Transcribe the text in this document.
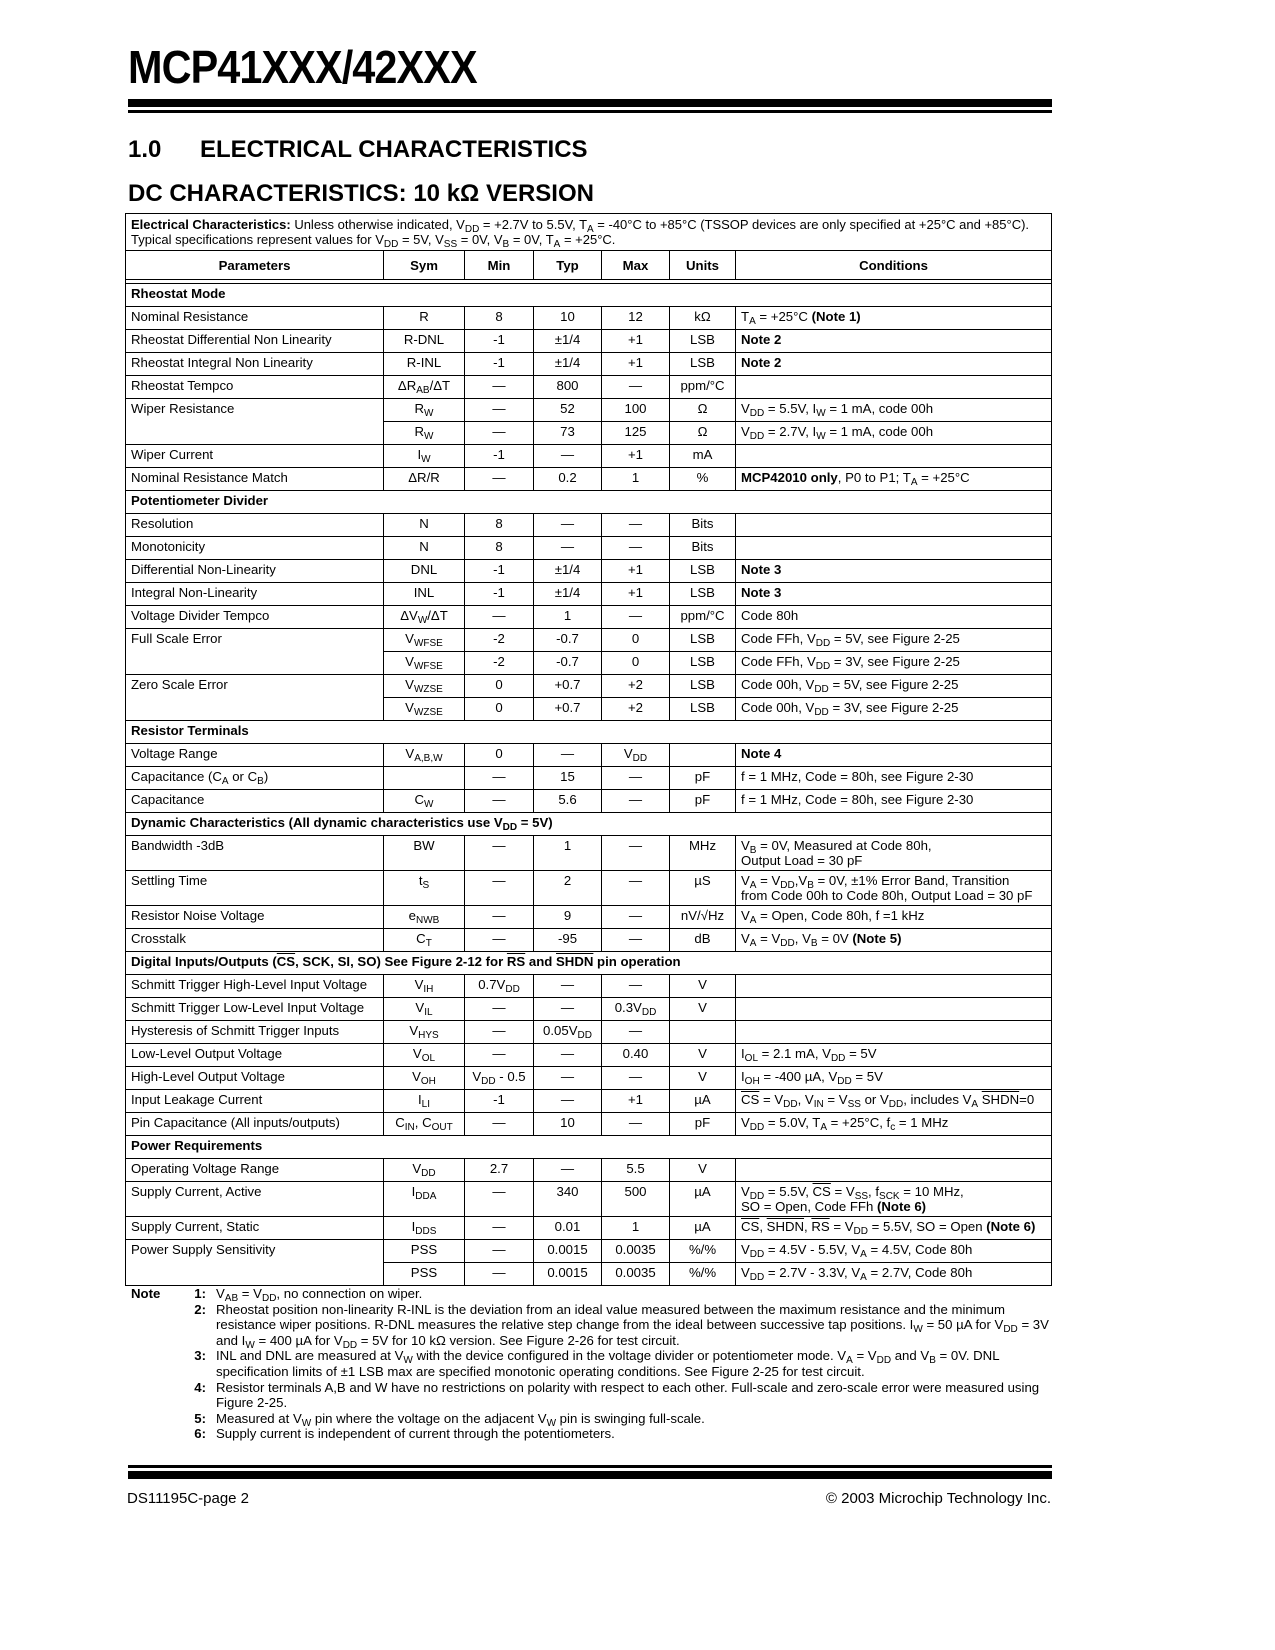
MCP41XXX/42XXX
1.0 ELECTRICAL CHARACTERISTICS
DC CHARACTERISTICS: 10 kΩ VERSION
Electrical Characteristics: Unless otherwise indicated, $V_{DD} = +2.7V$ to 5.5V, $T_A = -40^\circ C$ to +85°C (TSSOP devices are only specified at +25°C and +85°C). Typical specifications represent values for $V_{DD} = 5V$, $V_{SS} = 0V$, $V_B = 0V$, $T_A = +25^\circ C$.						
Parameters	Sym	Min	Typ	Max	Units	Conditions

Rheostat Mode						
Nominal Resistance	R	8	10	12	kΩ	$T_A = +25^\circ C$ (Note 1)
Rheostat Differential Non Linearity	R-DNL	-1	±1/4	+1	LSB	Note 2
Rheostat Integral Non Linearity	R-INL	-1	±1/4	+1	LSB	Note 2
Rheostat Tempco	$\Delta R_{AB}/\Delta T$	—	800	—	ppm/°C	
Wiper Resistance	$R_W$	—	52	100	Ω	$V_{DD} = 5.5V$, $I_W = 1$ mA, code 00h
	$R_W$	—	73	125	Ω	$V_{DD} = 2.7V$, $I_W = 1$ mA, code 00h
Wiper Current	$I_W$	-1	—	+1	mA	
Nominal Resistance Match	ΔR/R	—	0.2	1	%	MCP42010 only, P0 to P1; $T_A = +25^\circ C$
Potentiometer Divider						
Resolution	N	8	—	—	Bits	
Monotonicity	N	8	—	—	Bits	
Differential Non-Linearity	DNL	-1	±1/4	+1	LSB	Note 3
Integral Non-Linearity	INL	-1	±1/4	+1	LSB	Note 3
Voltage Divider Tempco	$\Delta V_W/\Delta T$	—	1	—	ppm/°C	Code 80h
Full Scale Error	$V_{WFSE}$	-2	-0.7	0	LSB	Code FFh, $V_{DD} = 5V$, see Figure 2-25
	$V_{WFSE}$	-2	-0.7	0	LSB	Code FFh, $V_{DD} = 3V$, see Figure 2-25
Zero Scale Error	$V_{WZSE}$	0	+0.7	+2	LSB	Code 00h, $V_{DD} = 5V$, see Figure 2-25
	$V_{WZSE}$	0	+0.7	+2	LSB	Code 00h, $V_{DD} = 3V$, see Figure 2-25
Resistor Terminals						
Voltage Range	$V_{A,B,W}$	0	—	$V_{DD}$		Note 4
Capacitance ($C_A$ or $C_B$)		—	15	—	pF	f = 1 MHz, Code = 80h, see Figure 2-30
Capacitance	$C_W$	—	5.6	—	pF	f = 1 MHz, Code = 80h, see Figure 2-30
Dynamic Characteristics (All dynamic characteristics use $V_{DD} = 5V$)						
Bandwidth -3dB	BW	—	1	—	MHz	$V_B = 0V$, Measured at Code 80h,
Output Load = 30 pF
Settling Time	$t_S$	—	2	—	µS	$V_A = V_{DD},V_B = 0V$, ±1% Error Band, Transition
from Code 00h to Code 80h, Output Load = 30 pF
Resistor Noise Voltage	$e_{NWB}$	—	9	—	nV/√Hz	$V_A$ = Open, Code 80h, f =1 kHz
Crosstalk	$C_T$	—	-95	—	dB	$V_A = V_{DD}$, $V_B = 0V$ (Note 5)
Digital Inputs/Outputs ($\overline{CS}$, SCK, SI, SO) See Figure 2-12 for $\overline{RS}$ and SHDN pin operation						
Schmitt Trigger High-Level Input Voltage	$V_{IH}$	$0.7V_{DD}$	—	—	V	
Schmitt Trigger Low-Level Input Voltage	$V_{IL}$	—	—	$0.3V_{DD}$	V	
Hysteresis of Schmitt Trigger Inputs	$V_{HYS}$	—	$0.05V_{DD}$	—		
Low-Level Output Voltage	$V_{OL}$	—	—	0.40	V	$I_{OL} = 2.1$ mA, $V_{DD} = 5V$
High-Level Output Voltage	$V_{OH}$	$V_{DD} - 0.5$	—	—	V	$I_{OH} = -400$ µA, $V_{DD} = 5V$
Input Leakage Current	$I_{LI}$	-1	—	+1	µA	$\overline{CS} = V_{DD}$, $V_{IN} = V_{SS}$ or $V_{DD}$, includes $V_A$ SHDN=0
Pin Capacitance (All inputs/outputs)	$C_{IN}$, $C_{OUT}$	—	10	—	pF	$V_{DD} = 5.0V$, $T_A = +25^\circ C$, $f_c = 1$ MHz
Power Requirements						
Operating Voltage Range	$V_{DD}$	2.7	—	5.5	V	
Supply Current, Active	$I_{DDA}$	—	340	500	µA	$V_{DD} = 5.5V$, $\overline{CS} = V_{SS}$, $f_{SCK} = 10$ MHz,
SO = Open, Code FFh (Note 6)
Supply Current, Static	$I_{DDS}$	—	0.01	1	µA	$\overline{CS}$, SHDN, $\overline{RS} = V_{DD} = 5.5V$, SO = Open (Note 6)
Power Supply Sensitivity	PSS	—	0.0015	0.0035	%/%	$V_{DD} = 4.5V - 5.5V$, $V_A = 4.5V$, Code 80h
	PSS	—	0.0015	0.0035	%/%	$V_{DD} = 2.7V - 3.3V$, $V_A = 2.7V$, Code 80h
Note	1: $V_{AB} = V_{DD}$, no connection on wiper.
2: Rheostat position non-linearity R-INL is the deviation from an ideal value measured between the maximum resistance and the minimum resistance wiper positions. R-DNL measures the relative step change from the ideal between successive tap positions. $I_W = 50$ µA for $V_{DD} = 3V$ and $I_W = 400$ µA for $V_{DD} = 5V$ for 10 kΩ version. See Figure 2-26 for test circuit.
3: INL and DNL are measured at $V_W$ with the device configured in the voltage divider or potentiometer mode. $V_A = V_{DD}$ and $V_B = 0V$. DNL specification limits of ±1 LSB max are specified monotonic operating conditions. See Figure 2-25 for test circuit.
4: Resistor terminals A,B and W have no restrictions on polarity with respect to each other. Full-scale and zero-scale error were measured using Figure 2-25.
5: Measured at $V_W$ pin where the voltage on the adjacent $V_W$ pin is swinging full-scale.
6: Supply current is independent of current through the potentiometers.
DS11195C-page 2	© 2003 Microchip Technology Inc.
